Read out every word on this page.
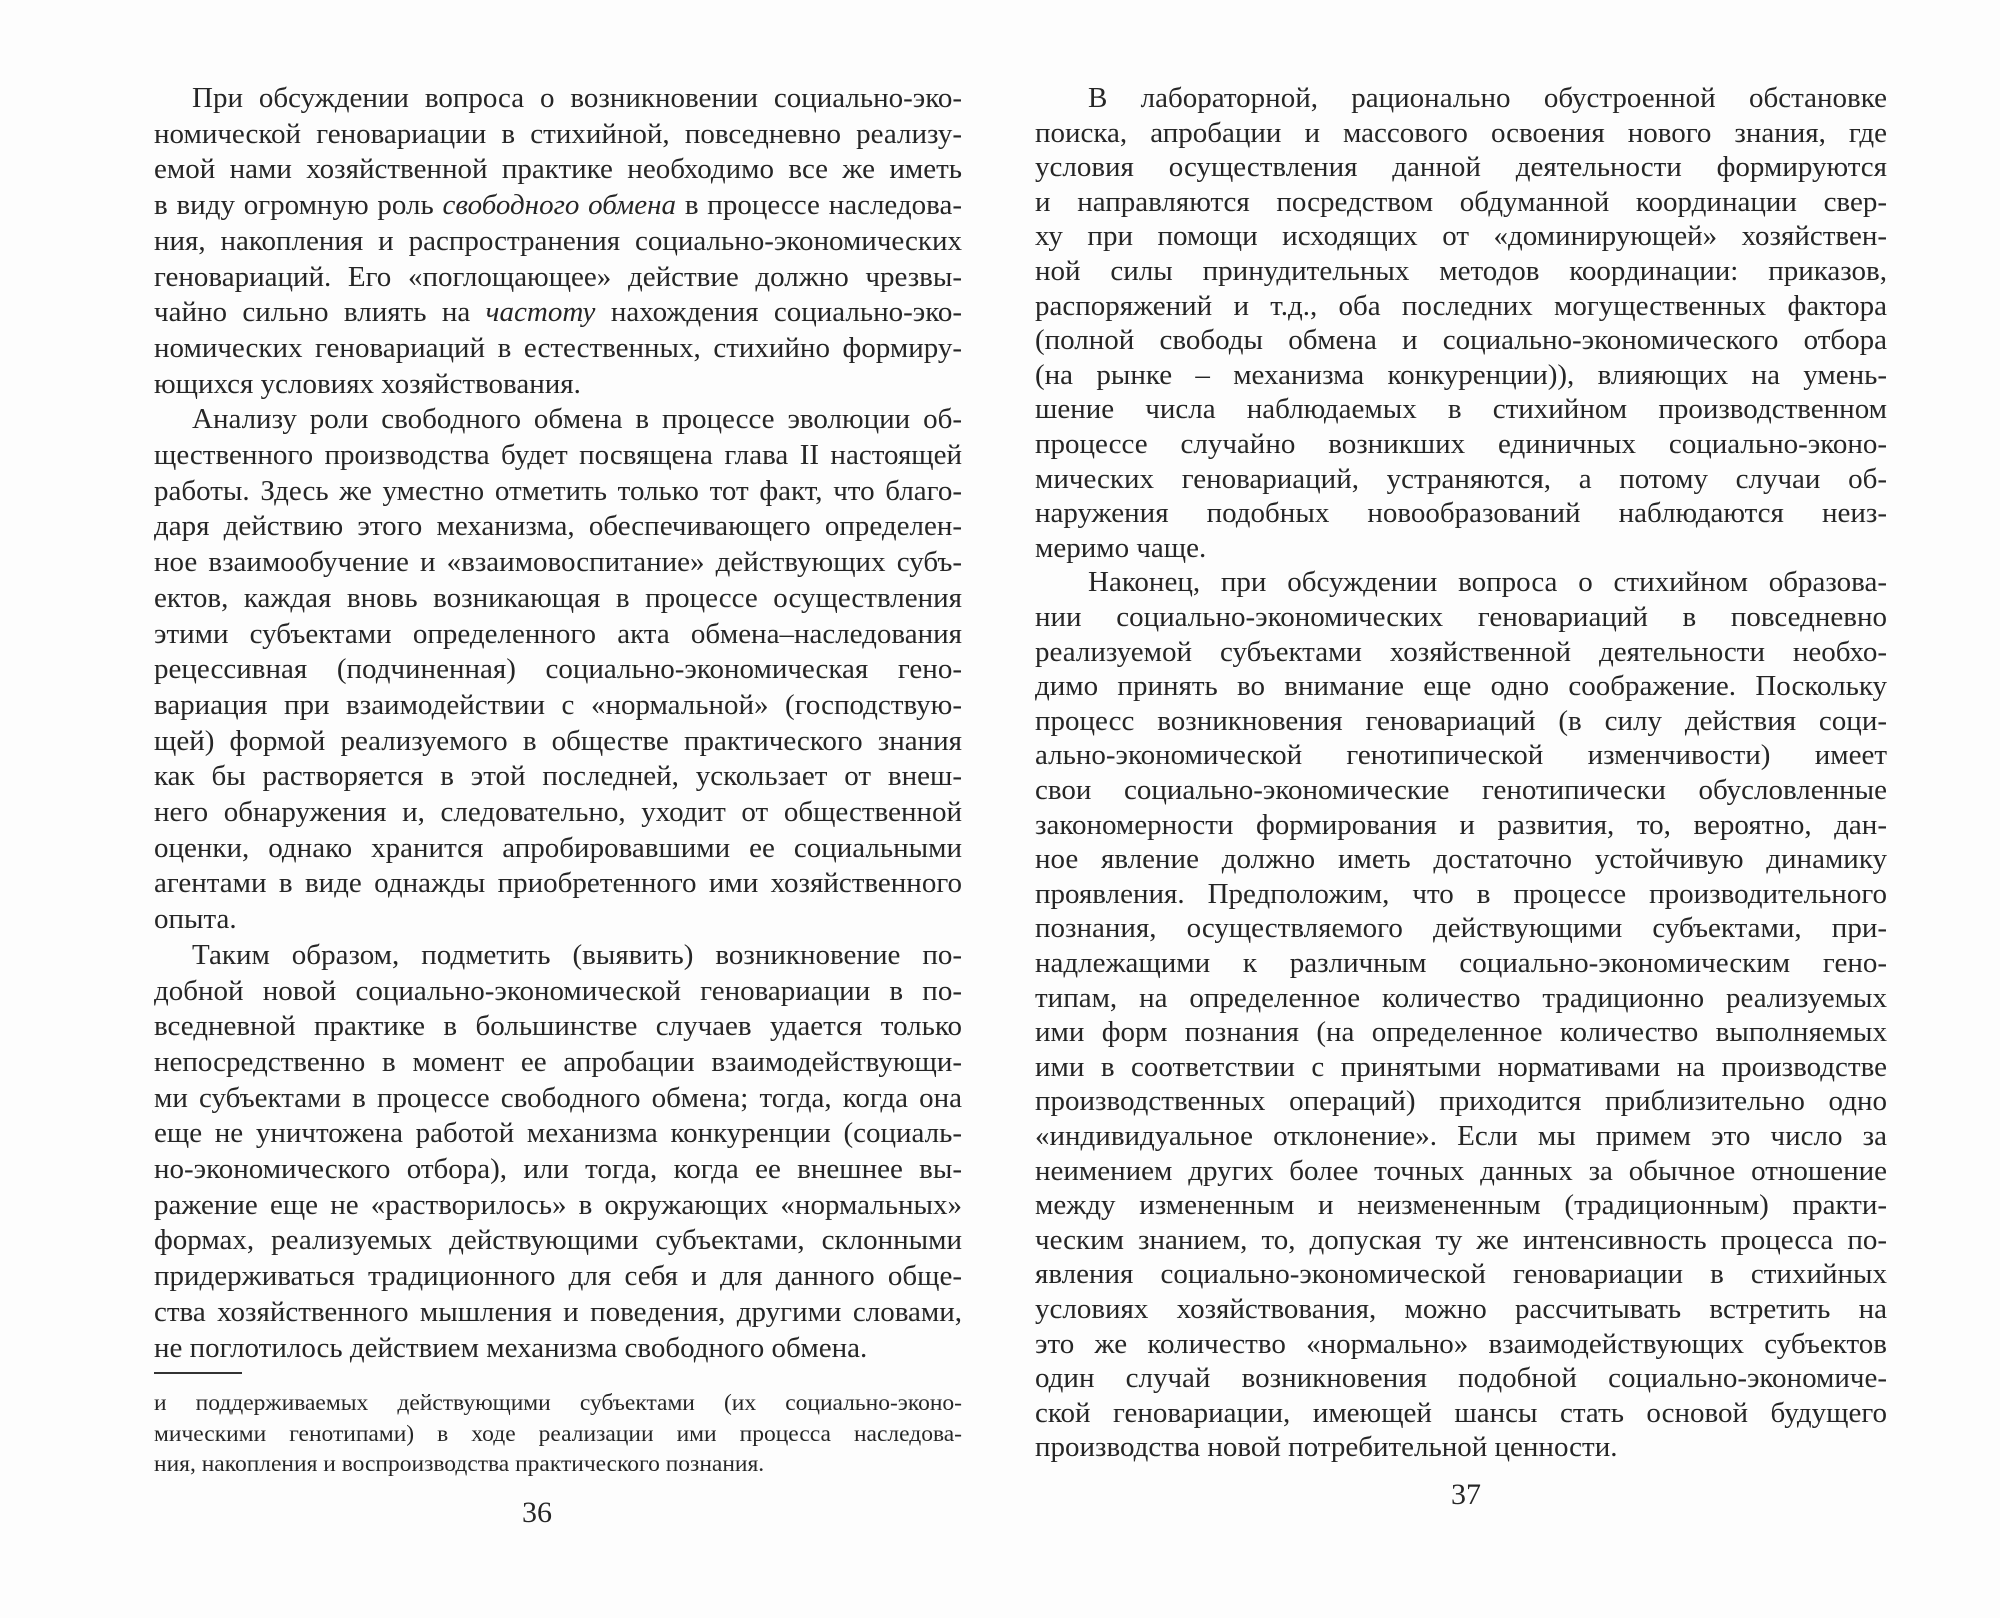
При обсуждении вопроса о возникновении социально-эко-
номической геновариации в стихийной, повседневно реализу-
емой нами хозяйственной практике необходимо все же иметь
в виду огромную роль свободного обмена в процессе наследова-
ния, накопления и распространения социально-экономических
геновариаций. Его «поглощающее» действие должно чрезвы-
чайно сильно влиять на частоту нахождения социально-эко-
номических геновариаций в естественных, стихийно формиру-
ющихся условиях хозяйствования.
Анализу роли свободного обмена в процессе эволюции об-
щественного производства будет посвящена глава II настоящей
работы. Здесь же уместно отметить только тот факт, что благо-
даря действию этого механизма, обеспечивающего определен-
ное взаимообучение и «взаимовоспитание» действующих субъ-
ектов, каждая вновь возникающая в процессе осуществления
этими субъектами определенного акта обмена–наследования
рецессивная (подчиненная) социально-экономическая гено-
вариация при взаимодействии с «нормальной» (господствую-
щей) формой реализуемого в обществе практического знания
как бы растворяется в этой последней, ускользает от внеш-
него обнаружения и, следовательно, уходит от общественной
оценки, однако хранится апробировавшими ее социальными
агентами в виде однажды приобретенного ими хозяйственного
опыта.
Таким образом, подметить (выявить) возникновение по-
добной новой социально-экономической геновариации в по-
вседневной практике в большинстве случаев удается только
непосредственно в момент ее апробации взаимодействующи-
ми субъектами в процессе свободного обмена; тогда, когда она
еще не уничтожена работой механизма конкуренции (социаль-
но-экономического отбора), или тогда, когда ее внешнее вы-
ражение еще не «растворилось» в окружающих «нормальных»
формах, реализуемых действующими субъектами, склонными
придерживаться традиционного для себя и для данного обще-
ства хозяйственного мышления и поведения, другими словами,
не поглотилось действием механизма свободного обмена.
и поддерживаемых действующими субъектами (их социально-эконо-
мическими генотипами) в ходе реализации ими процесса наследова-
ния, накопления и воспроизводства практического познания.
36
В лабораторной, рационально обустроенной обстановке
поиска, апробации и массового освоения нового знания, где
условия осуществления данной деятельности формируются
и направляются посредством обдуманной координации свер-
ху при помощи исходящих от «доминирующей» хозяйствен-
ной силы принудительных методов координации: приказов,
распоряжений и т.д., оба последних могущественных фактора
(полной свободы обмена и социально-экономического отбора
(на рынке – механизма конкуренции)), влияющих на умень-
шение числа наблюдаемых в стихийном производственном
процессе случайно возникших единичных социально-эконо-
мических геновариаций, устраняются, а потому случаи об-
наружения подобных новообразований наблюдаются неиз-
меримо чаще.
Наконец, при обсуждении вопроса о стихийном образова-
нии социально-экономических геновариаций в повседневно
реализуемой субъектами хозяйственной деятельности необхо-
димо принять во внимание еще одно соображение. Поскольку
процесс возникновения геновариаций (в силу действия соци-
ально-экономической генотипической изменчивости) имеет
свои социально-экономические генотипически обусловленные
закономерности формирования и развития, то, вероятно, дан-
ное явление должно иметь достаточно устойчивую динамику
проявления. Предположим, что в процессе производительного
познания, осуществляемого действующими субъектами, при-
надлежащими к различным социально-экономическим гено-
типам, на определенное количество традиционно реализуемых
ими форм познания (на определенное количество выполняемых
ими в соответствии с принятыми нормативами на производстве
производственных операций) приходится приблизительно одно
«индивидуальное отклонение». Если мы примем это число за
неимением других более точных данных за обычное отношение
между измененным и неизмененным (традиционным) практи-
ческим знанием, то, допуская ту же интенсивность процесса по-
явления социально-экономической геновариации в стихийных
условиях хозяйствования, можно рассчитывать встретить на
это же количество «нормально» взаимодействующих субъектов
один случай возникновения подобной социально-экономиче-
ской геновариации, имеющей шансы стать основой будущего
производства новой потребительной ценности.
37
